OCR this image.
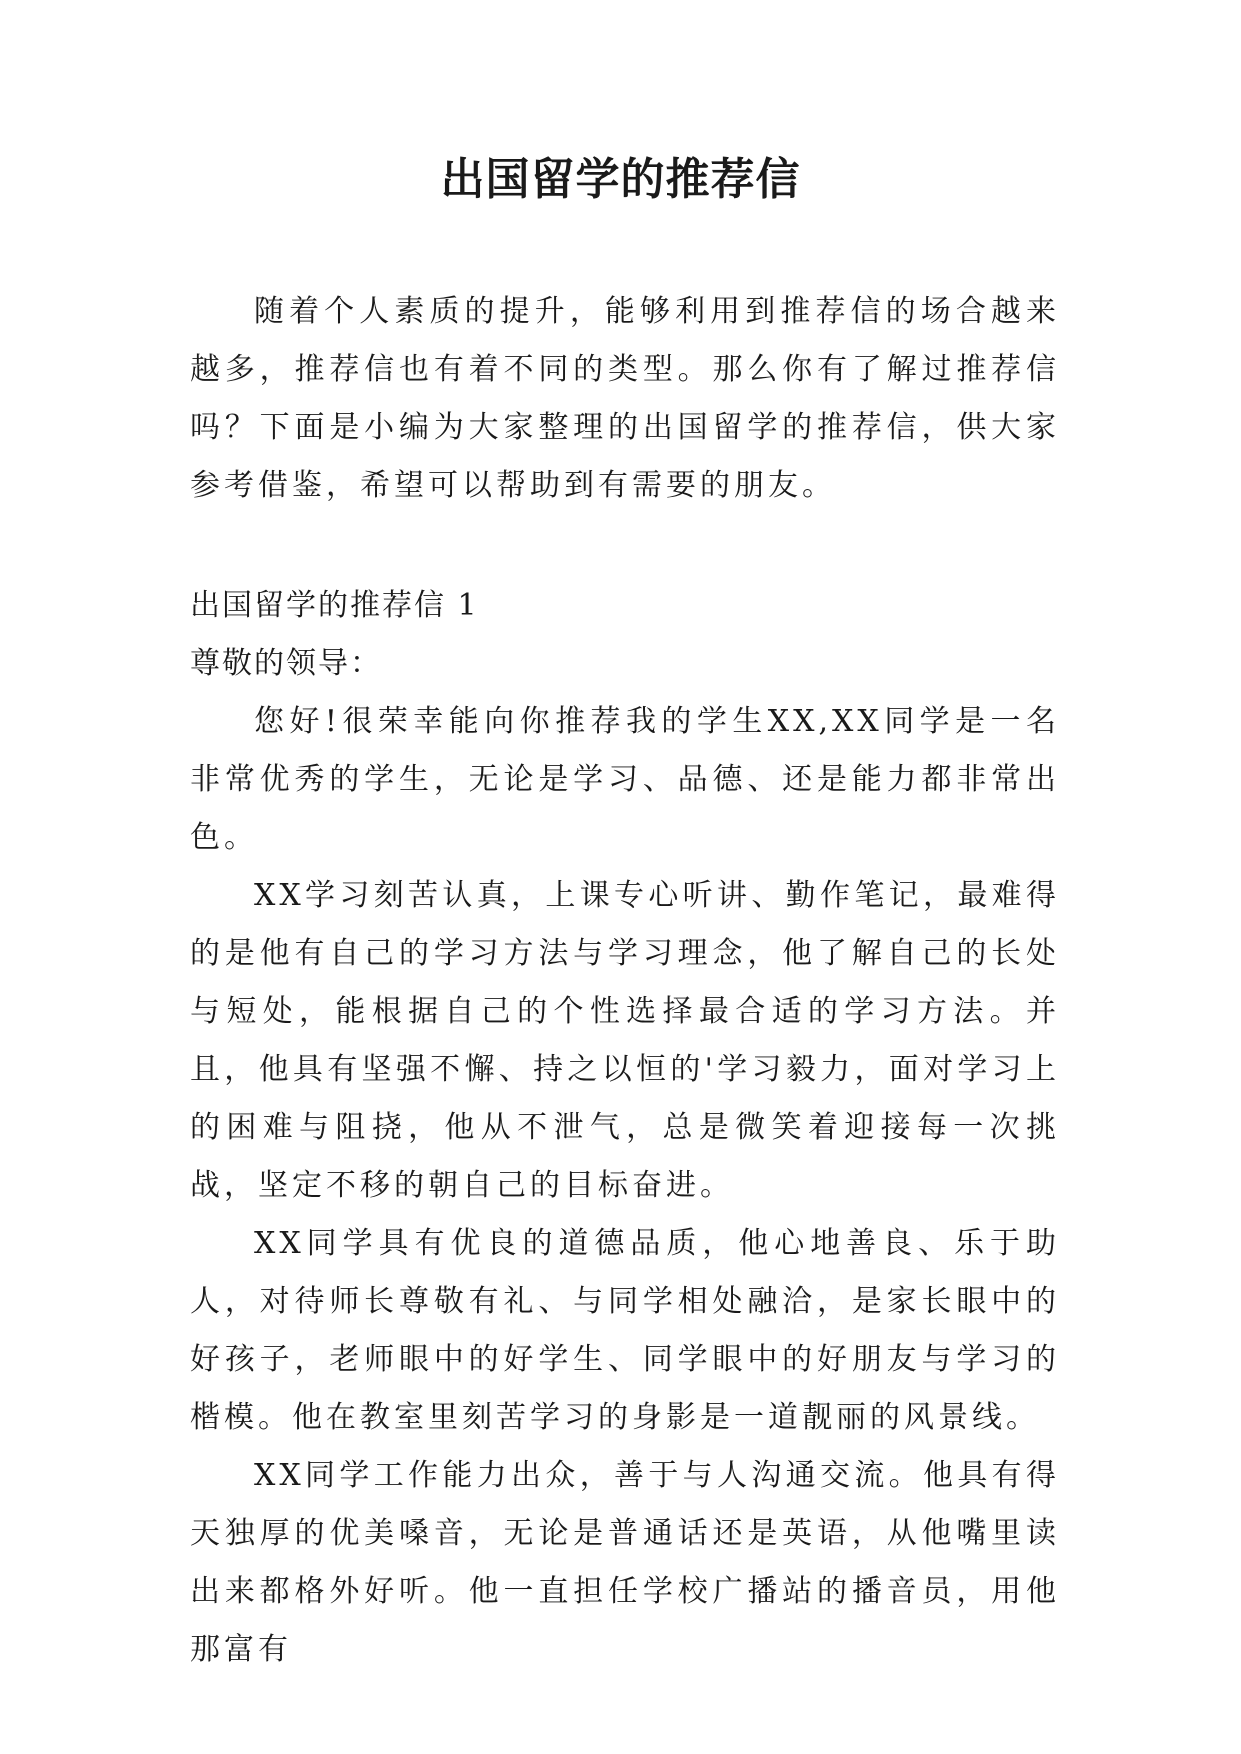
出国留学的推荐信

随着个人素质的提升，能够利用到推荐信的场合越来越多，推荐信也有着不同的类型。那么你有了解过推荐信吗？下面是小编为大家整理的出国留学的推荐信，供大家参考借鉴，希望可以帮助到有需要的朋友。

出国留学的推荐信 1

尊敬的领导：

您好!很荣幸能向你推荐我的学生XX,XX同学是一名非常优秀的学生，无论是学习、品德、还是能力都非常出色。

XX学习刻苦认真，上课专心听讲、勤作笔记，最难得的是他有自己的学习方法与学习理念，他了解自己的长处与短处，能根据自己的个性选择最合适的学习方法。并且，他具有坚强不懈、持之以恒的'学习毅力，面对学习上的困难与阻挠，他从不泄气，总是微笑着迎接每一次挑战，坚定不移的朝自己的目标奋进。

XX同学具有优良的道德品质，他心地善良、乐于助人，对待师长尊敬有礼、与同学相处融洽，是家长眼中的好孩子，老师眼中的好学生、同学眼中的好朋友与学习的楷模。他在教室里刻苦学习的身影是一道靓丽的风景线。

XX同学工作能力出众，善于与人沟通交流。他具有得天独厚的优美嗓音，无论是普通话还是英语，从他嘴里读出来都格外好听。他一直担任学校广播站的播音员，用他那富有
